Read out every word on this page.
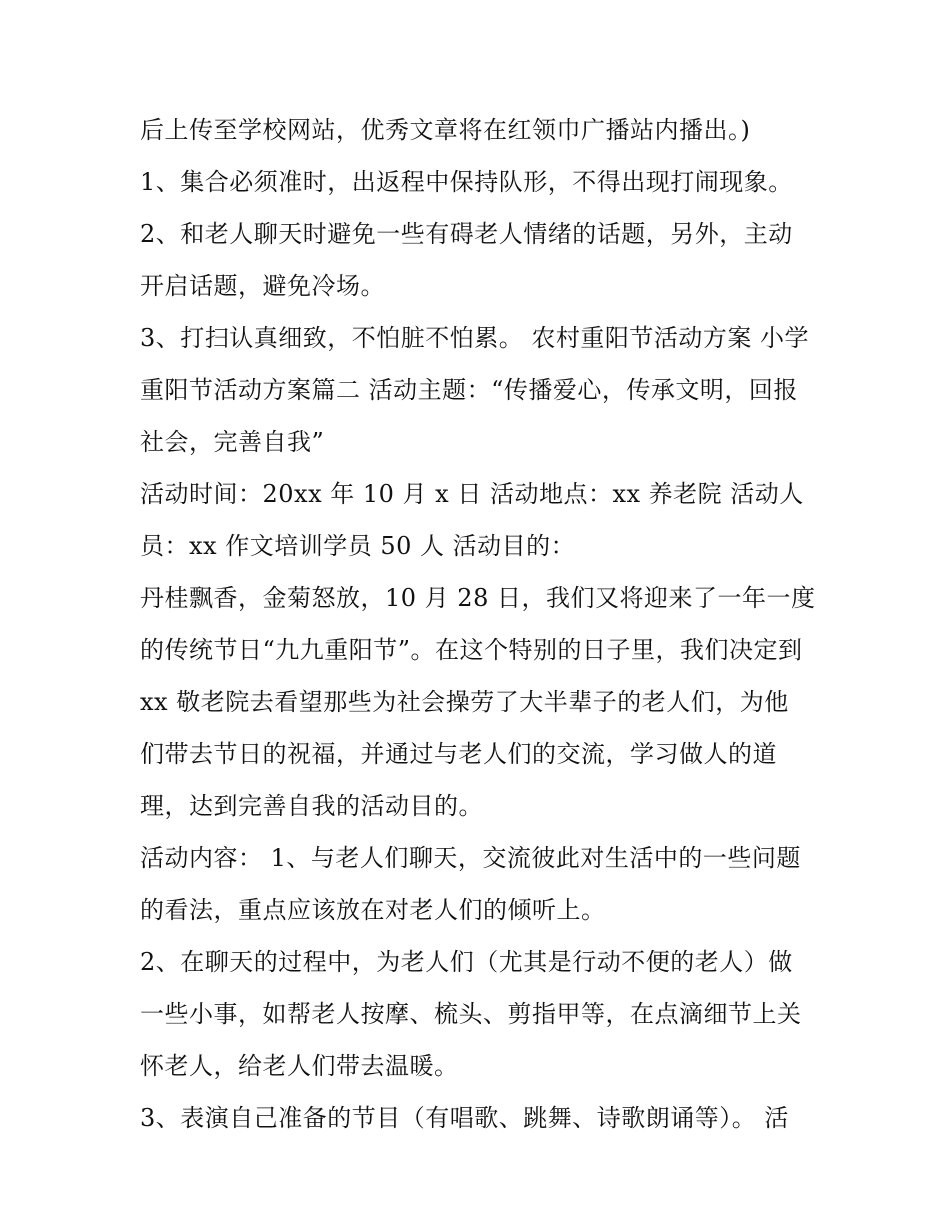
后上传至学校网站，优秀文章将在红领巾广播站内播出。)
1、集合必须准时，出返程中保持队形，不得出现打闹现象。
2、和老人聊天时避免一些有碍老人情绪的话题，另外，主动
开启话题，避免冷场。
3、打扫认真细致，不怕脏不怕累。 农村重阳节活动方案 小学
重阳节活动方案篇二 活动主题：“传播爱心，传承文明，回报
社会，完善自我”
活动时间：20xx 年 10 月 x 日 活动地点：xx 养老院 活动人
员：xx 作文培训学员 50 人 活动目的：
丹桂飘香，金菊怒放，10 月 28 日，我们又将迎来了一年一度
的传统节日“九九重阳节”。在这个特别的日子里，我们决定到
xx 敬老院去看望那些为社会操劳了大半辈子的老人们，为他
们带去节日的祝福，并通过与老人们的交流，学习做人的道
理，达到完善自我的活动目的。
活动内容： 1、与老人们聊天，交流彼此对生活中的一些问题
的看法，重点应该放在对老人们的倾听上。
2、在聊天的过程中，为老人们（尤其是行动不便的老人）做
一些小事，如帮老人按摩、梳头、剪指甲等，在点滴细节上关
怀老人，给老人们带去温暖。
3、表演自己准备的节目（有唱歌、跳舞、诗歌朗诵等）。 活
